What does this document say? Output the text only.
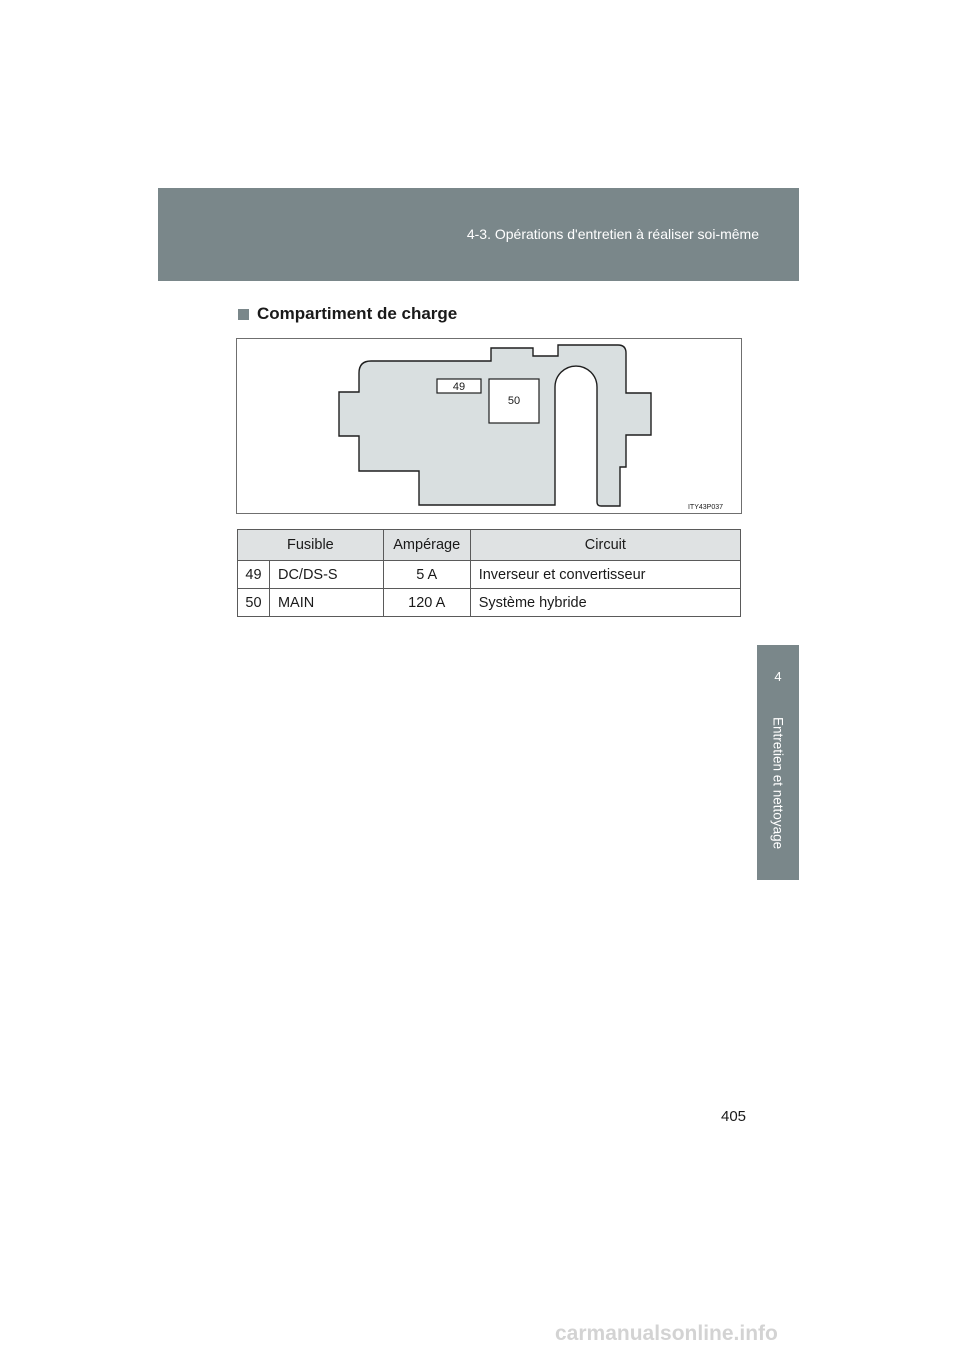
4-3. Opérations d'entretien à réaliser soi-même
4
Entretien et nettoyage
Compartiment de charge
49
50
ITY43P037
Fusible		Ampérage	Circuit
49	DC/DS-S	5 A	Inverseur et convertisseur
50	MAIN	120 A	Système hybride
405
carmanualsonline.info
